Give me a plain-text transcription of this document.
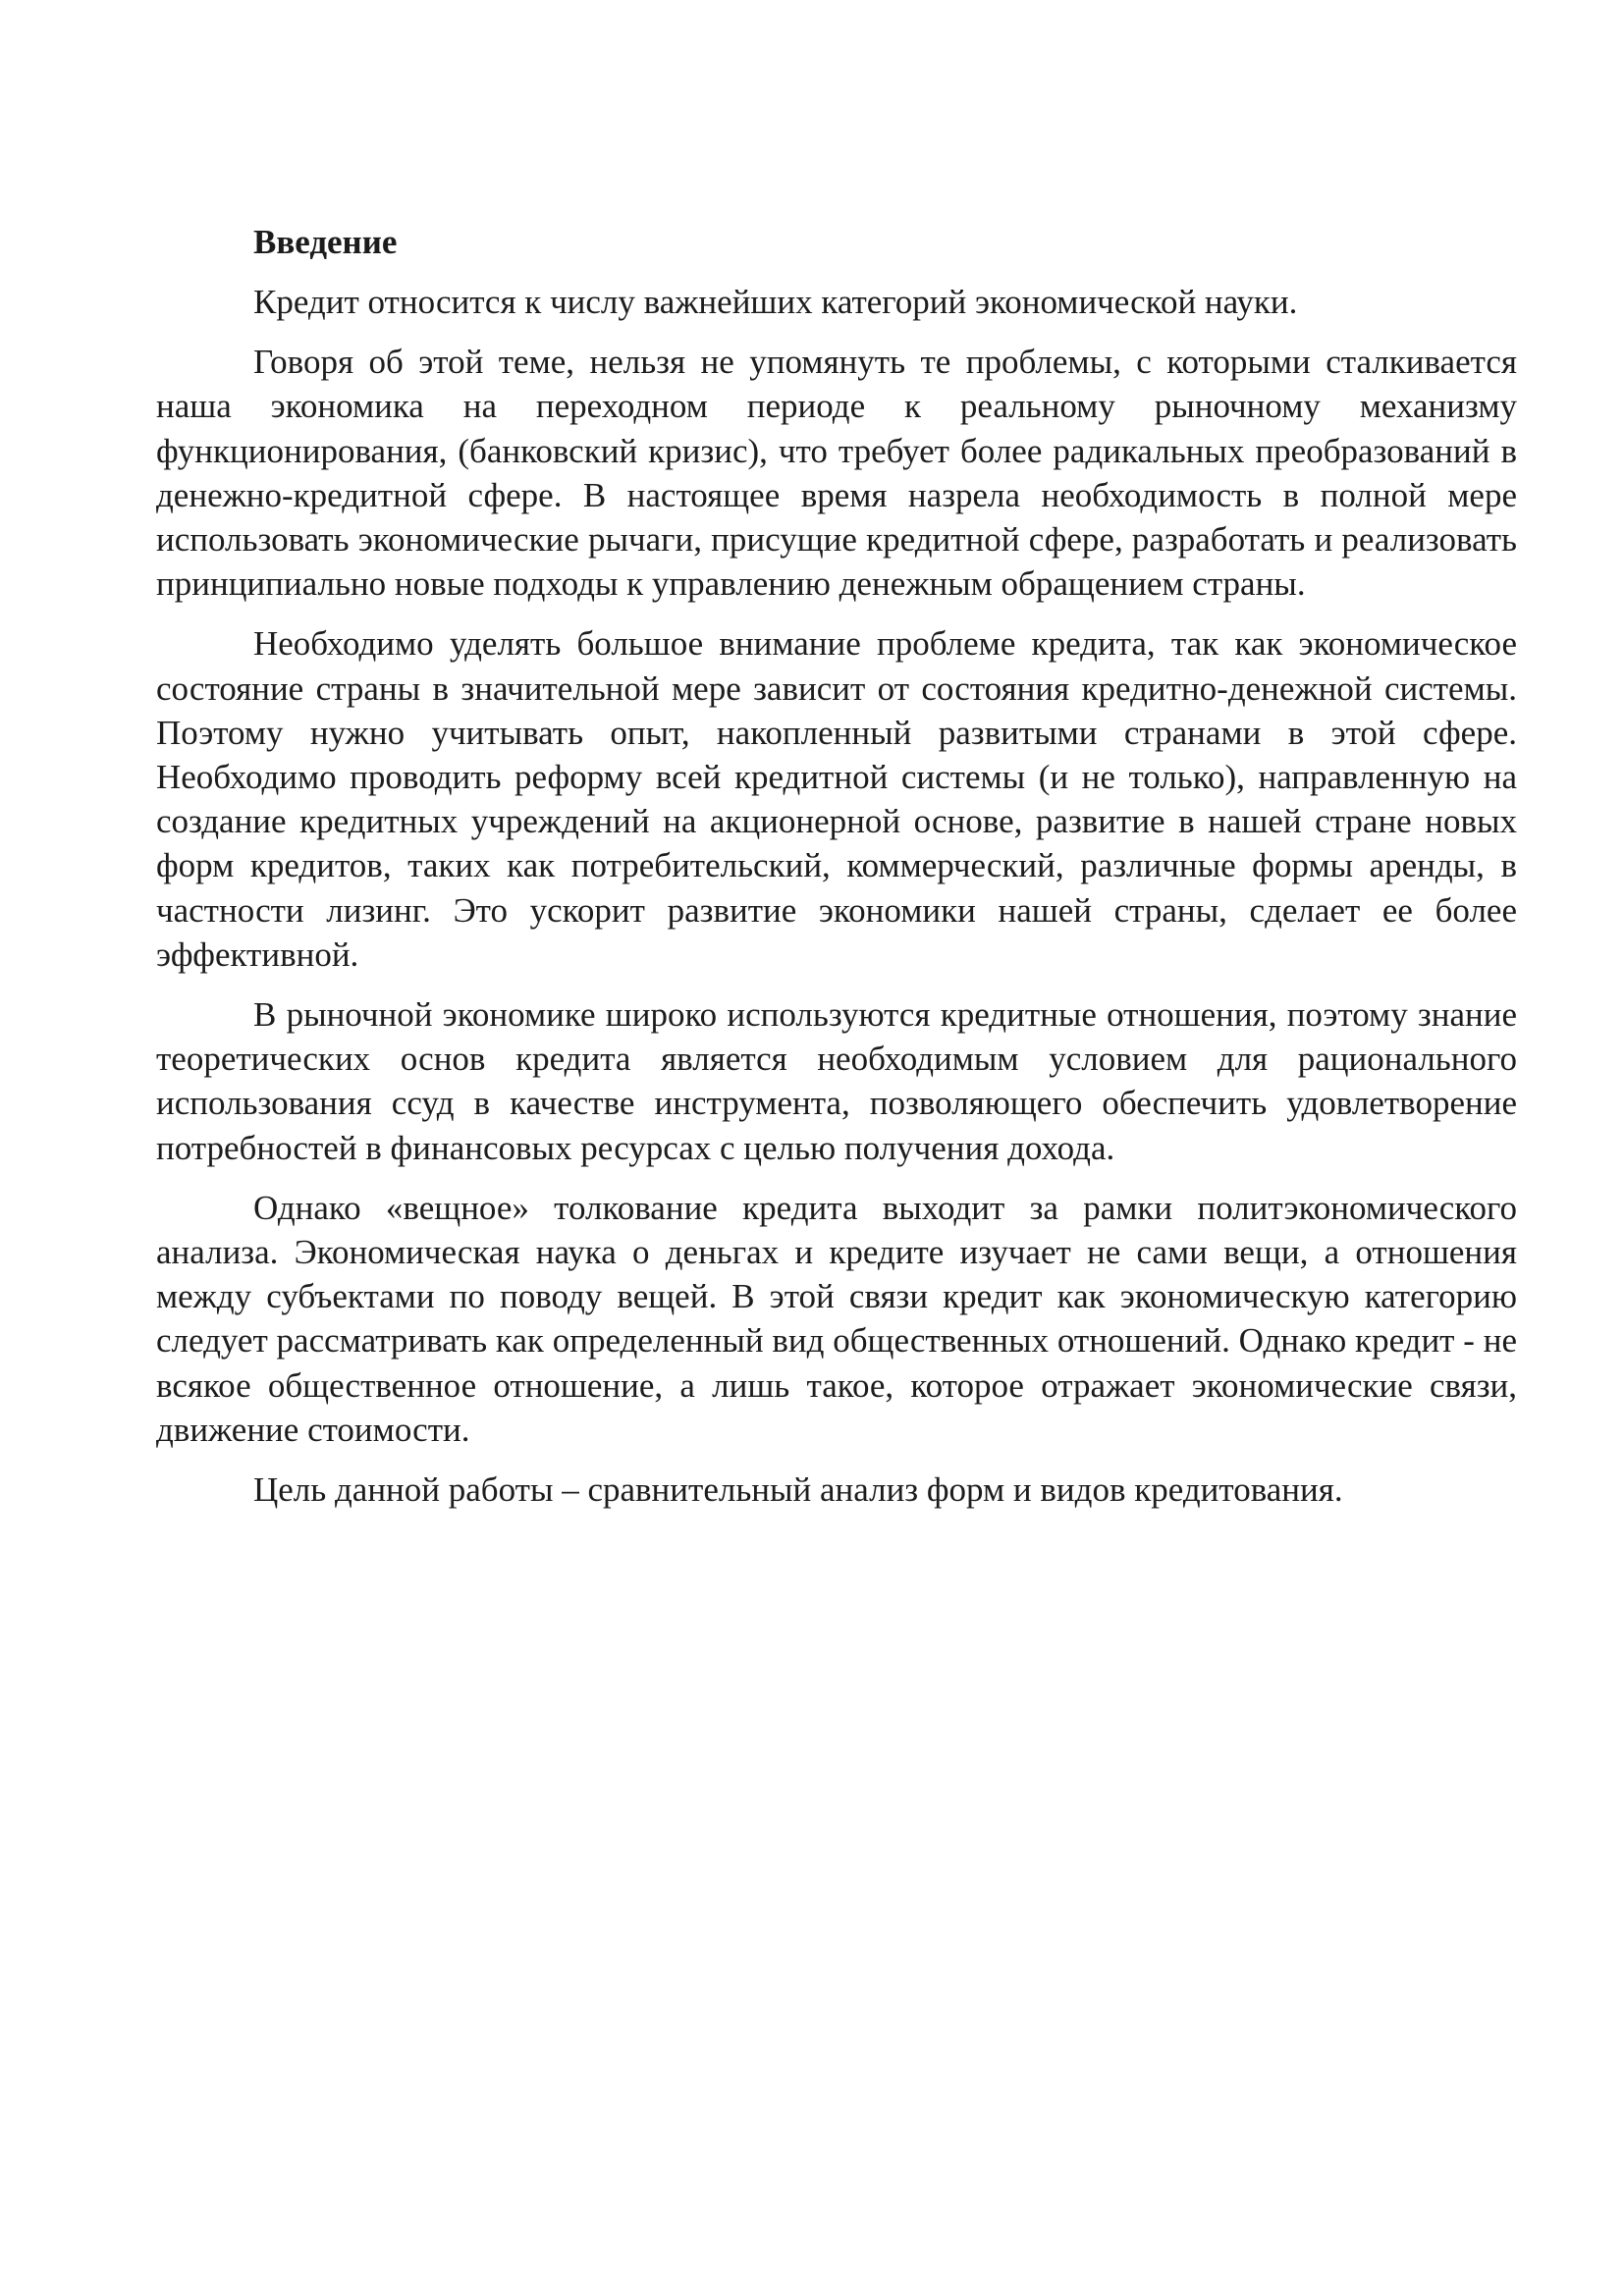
Введение

Кредит относится к числу важнейших категорий экономической науки.

Говоря об этой теме, нельзя не упомянуть те проблемы, с которыми сталкивается наша экономика на переходном периоде к реальному рыночному механизму функционирования, (банковский кризис), что требует более радикальных преобразований в денежно-кредитной сфере. В настоящее время назрела необходимость в полной мере использовать экономические рычаги, присущие кредитной сфере, разработать и реализовать принципиально новые подходы к управлению денежным обращением страны.

Необходимо уделять большое внимание проблеме кредита, так как экономическое состояние страны в значительной мере зависит от состояния кредитно-денежной системы. Поэтому нужно учитывать опыт, накопленный развитыми странами в этой сфере. Необходимо проводить реформу всей кредитной системы (и не только), направленную на создание кредитных учреждений на акционерной основе, развитие в нашей стране новых форм кредитов, таких как потребительский, коммерческий, различные формы аренды, в частности лизинг. Это ускорит развитие экономики нашей страны, сделает ее более эффективной.

В рыночной экономике широко используются кредитные отношения, поэтому знание теоретических основ кредита является необходимым условием для рационального использования ссуд в качестве инструмента, позволяющего обеспечить удовлетворение потребностей в финансовых ресурсах с целью получения дохода.

Однако «вещное» толкование кредита выходит за рамки политэкономического анализа. Экономическая наука о деньгах и кредите изучает не сами вещи, а отношения между субъектами по поводу вещей. В этой связи кредит как экономическую категорию следует рассматривать как определенный вид общественных отношений. Однако кредит - не всякое общественное отношение, а лишь такое, которое отражает экономические связи, движение стоимости.

Цель данной работы – сравнительный анализ форм и видов кредитования.
